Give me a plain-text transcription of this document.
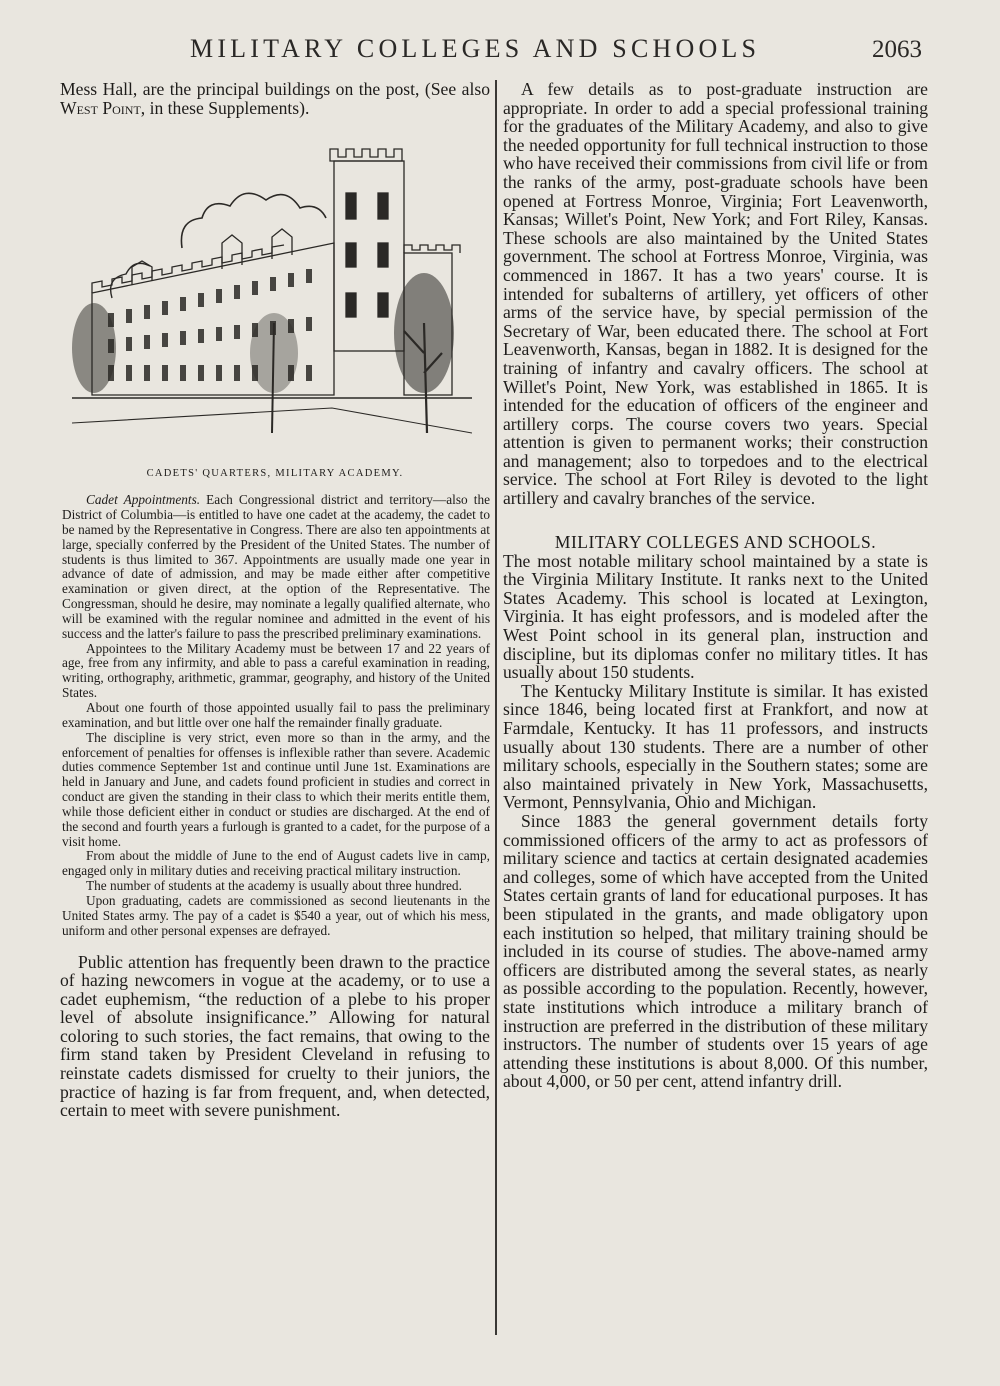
MILITARY COLLEGES AND SCHOOLS	2063

Mess Hall, are the principal buildings on the post, (See also West Point, in these Supplements).

CADETS' QUARTERS, MILITARY ACADEMY.

Cadet Appointments. Each Congressional district and territory—also the District of Columbia—is entitled to have one cadet at the academy, the cadet to be named by the Representative in Congress. There are also ten appointments at large, specially conferred by the President of the United States. The number of students is thus limited to 367. Appointments are usually made one year in advance of date of admission, and may be made either after competitive examination or given direct, at the option of the Representative. The Congressman, should he desire, may nominate a legally qualified alternate, who will be examined with the regular nominee and admitted in the event of his success and the latter's failure to pass the prescribed preliminary examinations.

Appointees to the Military Academy must be between 17 and 22 years of age, free from any infirmity, and able to pass a careful examination in reading, writing, orthography, arithmetic, grammar, geography, and history of the United States.

About one fourth of those appointed usually fail to pass the preliminary examination, and but little over one half the remainder finally graduate.

The discipline is very strict, even more so than in the army, and the enforcement of penalties for offenses is inflexible rather than severe. Academic duties commence September 1st and continue until June 1st. Examinations are held in January and June, and cadets found proficient in studies and correct in conduct are given the standing in their class to which their merits entitle them, while those deficient either in conduct or studies are discharged. At the end of the second and fourth years a furlough is granted to a cadet, for the purpose of a visit home.

From about the middle of June to the end of August cadets live in camp, engaged only in military duties and receiving practical military instruction.

The number of students at the academy is usually about three hundred.

Upon graduating, cadets are commissioned as second lieutenants in the United States army. The pay of a cadet is $540 a year, out of which his mess, uniform and other personal expenses are defrayed.

Public attention has frequently been drawn to the practice of hazing newcomers in vogue at the academy, or to use a cadet euphemism, “the reduction of a plebe to his proper level of absolute insignificance.” Allowing for natural coloring to such stories, the fact remains, that owing to the firm stand taken by President Cleveland in refusing to reinstate cadets dismissed for cruelty to their juniors, the practice of hazing is far from frequent, and, when detected, certain to meet with severe punishment.

A few details as to post-graduate instruction are appropriate. In order to add a special professional training for the graduates of the Military Academy, and also to give the needed opportunity for full technical instruction to those who have received their commissions from civil life or from the ranks of the army, post-graduate schools have been opened at Fortress Monroe, Virginia; Fort Leavenworth, Kansas; Willet's Point, New York; and Fort Riley, Kansas. These schools are also maintained by the United States government. The school at Fortress Monroe, Virginia, was commenced in 1867. It has a two years' course. It is intended for subalterns of artillery, yet officers of other arms of the service have, by special permission of the Secretary of War, been educated there. The school at Fort Leavenworth, Kansas, began in 1882. It is designed for the training of infantry and cavalry officers. The school at Willet's Point, New York, was established in 1865. It is intended for the education of officers of the engineer and artillery corps. The course covers two years. Special attention is given to permanent works; their construction and management; also to torpedoes and to the electrical service. The school at Fort Riley is devoted to the light artillery and cavalry branches of the service.

MILITARY COLLEGES AND SCHOOLS.

The most notable military school maintained by a state is the Virginia Military Institute. It ranks next to the United States Academy. This school is located at Lexington, Virginia. It has eight professors, and is modeled after the West Point school in its general plan, instruction and discipline, but its diplomas confer no military titles. It has usually about 150 students.

The Kentucky Military Institute is similar. It has existed since 1846, being located first at Frankfort, and now at Farmdale, Kentucky. It has 11 professors, and instructs usually about 130 students. There are a number of other military schools, especially in the Southern states; some are also maintained privately in New York, Massachusetts, Vermont, Pennsylvania, Ohio and Michigan.

Since 1883 the general government details forty commissioned officers of the army to act as professors of military science and tactics at certain designated academies and colleges, some of which have accepted from the United States certain grants of land for educational purposes. It has been stipulated in the grants, and made obligatory upon each institution so helped, that military training should be included in its course of studies. The above-named army officers are distributed among the several states, as nearly as possible according to the population. Recently, however, state institutions which introduce a military branch of instruction are preferred in the distribution of these military instructors. The number of students over 15 years of age attending these institutions is about 8,000. Of this number, about 4,000, or 50 per cent, attend infantry drill.
